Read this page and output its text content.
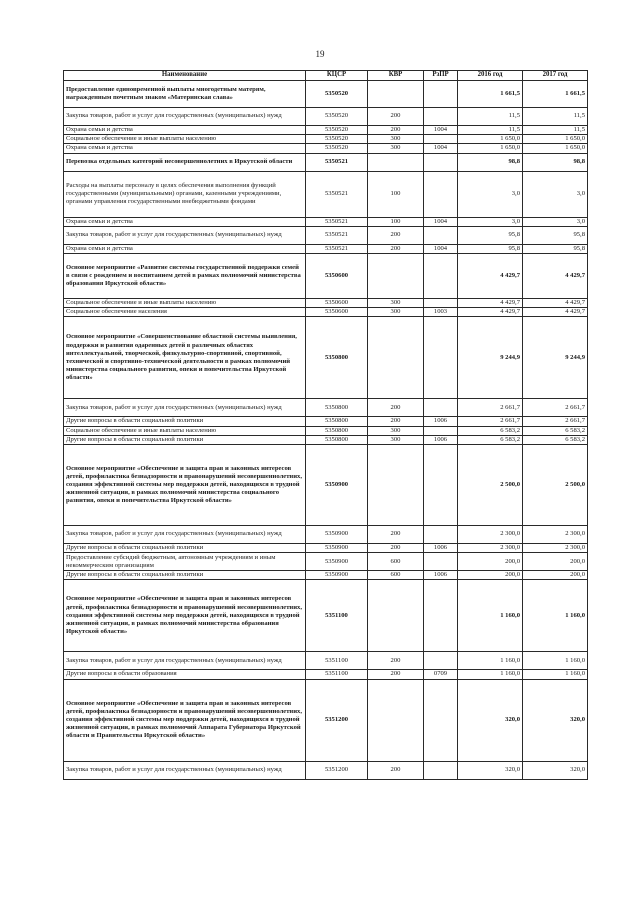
19
Наименование	КЦСР	КВР	РзПР	2016 год	2017 год
Предоставление единовременной выплаты многодетным матерям, награжденным почетным знаком «Материнская слава»	5350520			1 661,5	1 661,5
Закупка товаров, работ и услуг для государственных (муниципальных) нужд	5350520	200		11,5	11,5
Охрана семьи и детства	5350520	200	1004	11,5	11,5
Социальное обеспечение и иные выплаты населению	5350520	300		1 650,0	1 650,0
Охрана семьи и детства	5350520	300	1004	1 650,0	1 650,0
Перевозка отдельных категорий несовершеннолетних в Иркутской области	5350521			98,8	98,8
Расходы на выплаты персоналу в целях обеспечения выполнения функций государственными (муниципальными) органами, казенными учреждениями, органами управления государственными внебюджетными фондами	5350521	100		3,0	3,0
Охрана семьи и детства	5350521	100	1004	3,0	3,0
Закупка товаров, работ и услуг для государственных (муниципальных) нужд	5350521	200		95,8	95,8
Охрана семьи и детства	5350521	200	1004	95,8	95,8
Основное мероприятие «Развитие системы государственной поддержки семей в связи с рождением и воспитанием детей в рамках полномочий министерства образования Иркутской области»	5350600			4 429,7	4 429,7
Социальное обеспечение и иные выплаты населению	5350600	300		4 429,7	4 429,7
Социальное обеспечение населения	5350600	300	1003	4 429,7	4 429,7
Основное мероприятие «Совершенствование областной системы выявления, поддержки и развития одаренных детей в различных областях интеллектуальной, творческой, физкультурно-спортивной, спортивной, технической и спортивно-технической деятельности в рамках полномочий министерства социального развития, опеки и попечительства Иркутской области»	5350800			9 244,9	9 244,9
Закупка товаров, работ и услуг для государственных (муниципальных) нужд	5350800	200		2 661,7	2 661,7
Другие вопросы в области социальной политики	5350800	200	1006	2 661,7	2 661,7
Социальное обеспечение и иные выплаты населению	5350800	300		6 583,2	6 583,2
Другие вопросы в области социальной политики	5350800	300	1006	6 583,2	6 583,2
Основное мероприятие «Обеспечение и защита прав и законных интересов детей, профилактика безнадзорности и правонарушений несовершеннолетних, создания эффективной системы мер поддержки детей, находящихся в трудной жизненной ситуации, в рамках полномочий министерства социального развития, опеки и попечительства Иркутской области»	5350900			2 500,0	2 500,0
Закупка товаров, работ и услуг для государственных (муниципальных) нужд	5350900	200		2 300,0	2 300,0
Другие вопросы в области социальной политики	5350900	200	1006	2 300,0	2 300,0
Предоставление субсидий бюджетным, автономным учреждениям и иным некоммерческим организациям	5350900	600		200,0	200,0
Другие вопросы в области социальной политики	5350900	600	1006	200,0	200,0
Основное мероприятие «Обеспечение и защита прав и законных интересов детей, профилактика безнадзорности и правонарушений несовершеннолетних, создания эффективной системы мер поддержки детей, находящихся в трудной жизненной ситуации, в рамках полномочий министерства образования Иркутской области»	5351100			1 160,0	1 160,0
Закупка товаров, работ и услуг для государственных (муниципальных) нужд	5351100	200		1 160,0	1 160,0
Другие вопросы в области образования	5351100	200	0709	1 160,0	1 160,0
Основное мероприятие «Обеспечение и защита прав и законных интересов детей, профилактика безнадзорности и правонарушений несовершеннолетних, создания эффективной системы мер поддержки детей, находящихся в трудной жизненной ситуации, в рамках полномочий Аппарата Губернатора Иркутской области и Правительства Иркутской области»	5351200			320,0	320,0
Закупка товаров, работ и услуг для государственных (муниципальных) нужд	5351200	200		320,0	320,0
